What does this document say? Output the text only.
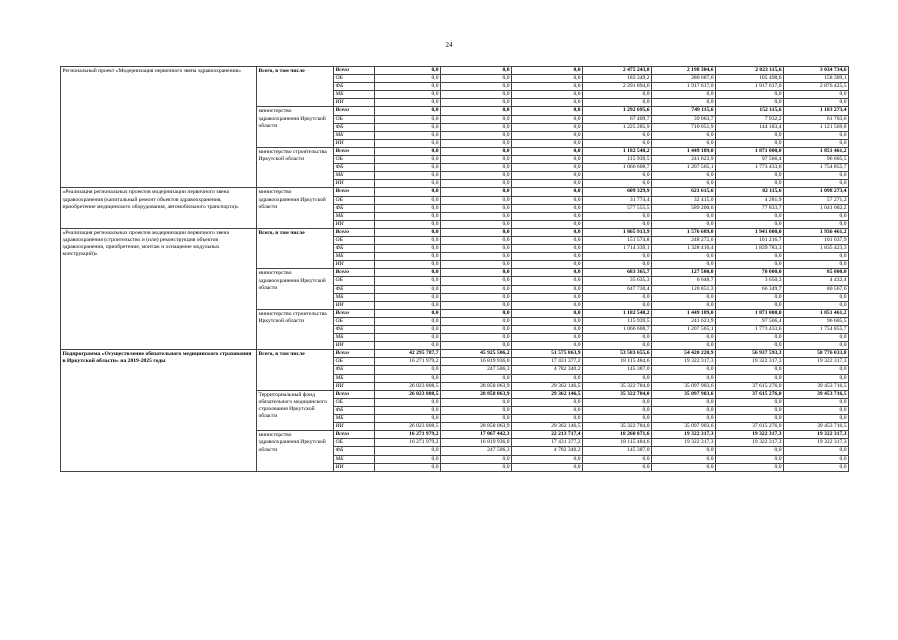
24
Региональный проект «Модернизация первичного звена здравоохранения»	Всего, в том числе	Всего	0,0	0,0	0,0	2 475 243,8	2 198 304,6	2 023 115,6	3 034 734,6
		ОБ	0,0	0,0	0,0	183 349,2	280 687,6	105 498,6	158 309,1
		ФБ	0,0	0,0	0,0	2 291 894,6	1 917 617,0	1 917 617,0	2 876 425,5
		МБ	0,0	0,0	0,0	0,0	0,0	0,0	0,0
		ИИ	0,0	0,0	0,0	0,0	0,0	0,0	0,0
	министерство здравоохранения Иркутской области	Всего	0,0	0,0	0,0	1 292 695,6	749 115,6	152 115,6	1 183 273,4
		ОБ	0,0	0,0	0,0	67 409,7	39 063,7	7 932,2	61 703,6
		ФБ	0,0	0,0	0,0	1 225 285,9	710 051,9	144 183,4	1 121 569,8
		МБ	0,0	0,0	0,0	0,0	0,0	0,0	0,0
		ИИ	0,0	0,0	0,0	0,0	0,0	0,0	0,0
	министерство строительства Иркутской области	Всего	0,0	0,0	0,0	1 182 548,2	1 449 189,0	1 871 000,0	1 851 461,2
		ОБ	0,0	0,0	0,0	115 939,5	241 623,9	97 566,4	96 605,5
		ФБ	0,0	0,0	0,0	1 066 608,7	1 207 565,1	1 773 433,6	1 754 855,7
		МБ	0,0	0,0	0,0	0,0	0,0	0,0	0,0
		ИИ	0,0	0,0	0,0	0,0	0,0	0,0	0,0
«Реализация региональных проектов модернизации первичного звена здравоохранения (капитальный ремонт объектов здравоохранения, приобретение медицинского оборудования, автомобильного транспорта)»	министерство здравоохранения Иркутской области	Всего	0,0	0,0	0,0	609 329,9	621 615,6	82 115,6	1 098 273,4
		ОБ	0,0	0,0	0,0	31 774,4	32 415,0	4 281,9	57 271,2
		ФБ	0,0	0,0	0,0	577 555,5	589 200,6	77 833,7	1 041 002,2
		МБ	0,0	0,0	0,0	0,0	0,0	0,0	0,0
		ИИ	0,0	0,0	0,0	0,0	0,0	0,0	0,0
«Реализация региональных проектов модернизации первичного звена здравоохранения (строительство и (или) реконструкция объектов здравоохранения, приобретение, монтаж и оснащение модульных конструкций)»	Всего, в том числе	Всего	0,0	0,0	0,0	1 865 913,9	1 576 689,0	1 941 000,0	1 936 461,2
		ОБ	0,0	0,0	0,0	151 574,8	248 272,6	101 216,7	101 037,9
		ФБ	0,0	0,0	0,0	1 714 339,1	1 328 416,4	1 839 783,3	1 835 423,3
		МБ	0,0	0,0	0,0	0,0	0,0	0,0	0,0
		ИИ	0,0	0,0	0,0	0,0	0,0	0,0	0,0
	министерство здравоохранения Иркутской области	Всего	0,0	0,0	0,0	683 365,7	127 500,0	70 000,0	85 000,0
		ОБ	0,0	0,0	0,0	35 635,3	6 648,7	3 650,3	4 432,4
		ФБ	0,0	0,0	0,0	647 730,4	120 851,3	66 349,7	80 567,6
		МБ	0,0	0,0	0,0	0,0	0,0	0,0	0,0
		ИИ	0,0	0,0	0,0	0,0	0,0	0,0	0,0
	министерство строительства Иркутской области	Всего	0,0	0,0	0,0	1 182 548,2	1 449 189,0	1 871 000,0	1 851 461,2
		ОБ	0,0	0,0	0,0	115 939,5	241 623,9	97 566,4	96 605,5
		ФБ	0,0	0,0	0,0	1 066 608,7	1 207 565,1	1 773 433,6	1 754 855,7
		МБ	0,0	0,0	0,0	0,0	0,0	0,0	0,0
		ИИ	0,0	0,0	0,0	0,0	0,0	0,0	0,0
Подпрограмма «Осуществление обязательного медицинского страхования в Иркутской области» на 2019-2025 годы	Всего, в том числе	Всего	42 295 787,7	45 925 506,2	51 575 863,9	53 583 655,6	54 420 220,9	56 937 593,3	58 776 033,8
		ОБ	16 271 979,2	16 819 936,0	17 431 377,2	18 115 484,6	19 322 317,3	19 322 317,3	19 322 317,3
		ФБ	0,0	247 506,3	4 782 340,2	145 387,0	0,0	0,0	0,0
		МБ	0,0	0,0	0,0	0,0	0,0	0,0	0,0
		ИИ	26 023 808,5	28 858 063,9	29 362 146,5	35 322 784,0	35 097 903,6	37 615 276,0	39 453 716,5
	Территориальный фонд обязательного медицинского страхования Иркутской области	Всего	26 023 808,5	28 858 063,9	29 362 146,5	35 322 784,0	35 097 903,6	37 615 276,0	39 453 716,5
		ОБ	0,0	0,0	0,0	0,0	0,0	0,0	0,0
		ФБ	0,0	0,0	0,0	0,0	0,0	0,0	0,0
		МБ	0,0	0,0	0,0	0,0	0,0	0,0	0,0
		ИИ	26 023 808,5	28 858 063,9	29 362 146,5	35 322 784,0	35 097 903,6	37 615 276,0	39 453 716,5
	министерство здравоохранения Иркутской области	Всего	16 271 979,2	17 067 442,3	22 213 717,4	18 260 871,6	19 322 317,3	19 322 317,3	19 322 317,3
		ОБ	16 271 979,2	16 819 936,0	17 431 377,2	18 115 484,6	19 322 317,3	19 322 317,3	19 322 317,3
		ФБ	0,0	247 506,3	4 782 340,2	145 387,0	0,0	0,0	0,0
		МБ	0,0	0,0	0,0	0,0	0,0	0,0	0,0
		ИИ	0,0	0,0	0,0	0,0	0,0	0,0	0,0
